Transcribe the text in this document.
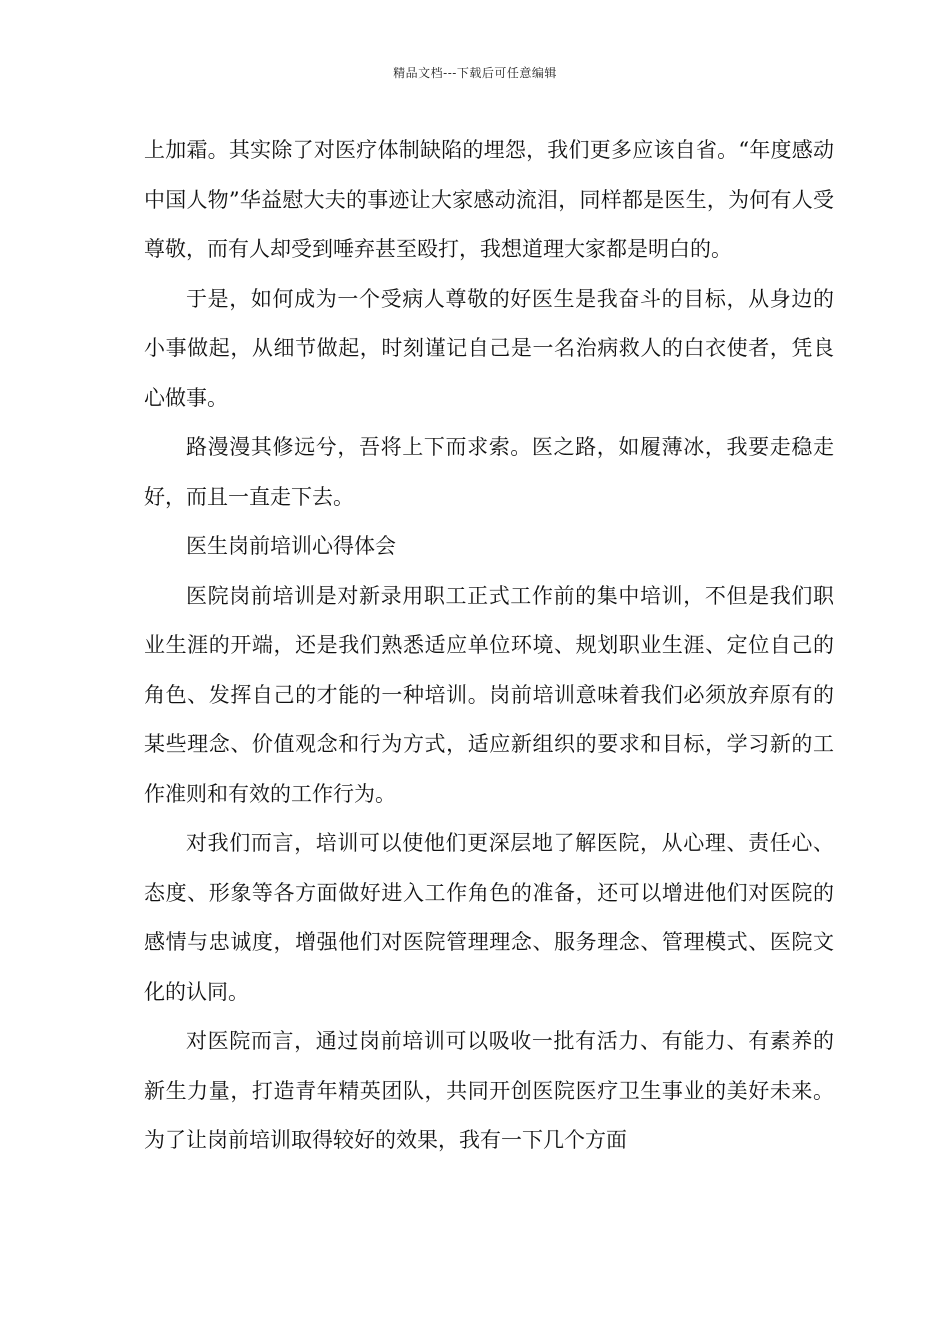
精品文档---下载后可任意编辑

上加霜。其实除了对医疗体制缺陷的埋怨，我们更多应该自省。“年度感动中国人物”华益慰大夫的事迹让大家感动流泪，同样都是医生，为何有人受尊敬，而有人却受到唾弃甚至殴打，我想道理大家都是明白的。

于是，如何成为一个受病人尊敬的好医生是我奋斗的目标，从身边的小事做起，从细节做起，时刻谨记自己是一名治病救人的白衣使者，凭良心做事。

路漫漫其修远兮，吾将上下而求索。医之路，如履薄冰，我要走稳走好，而且一直走下去。

医生岗前培训心得体会

医院岗前培训是对新录用职工正式工作前的集中培训，不但是我们职业生涯的开端，还是我们熟悉适应单位环境、规划职业生涯、定位自己的角色、发挥自己的才能的一种培训。岗前培训意味着我们必须放弃原有的某些理念、价值观念和行为方式，适应新组织的要求和目标，学习新的工作准则和有效的工作行为。

对我们而言，培训可以使他们更深层地了解医院，从心理、责任心、态度、形象等各方面做好进入工作角色的准备，还可以增进他们对医院的感情与忠诚度，增强他们对医院管理理念、服务理念、管理模式、医院文化的认同。

对医院而言，通过岗前培训可以吸收一批有活力、有能力、有素养的新生力量，打造青年精英团队，共同开创医院医疗卫生事业的美好未来。为了让岗前培训取得较好的效果，我有一下几个方面
